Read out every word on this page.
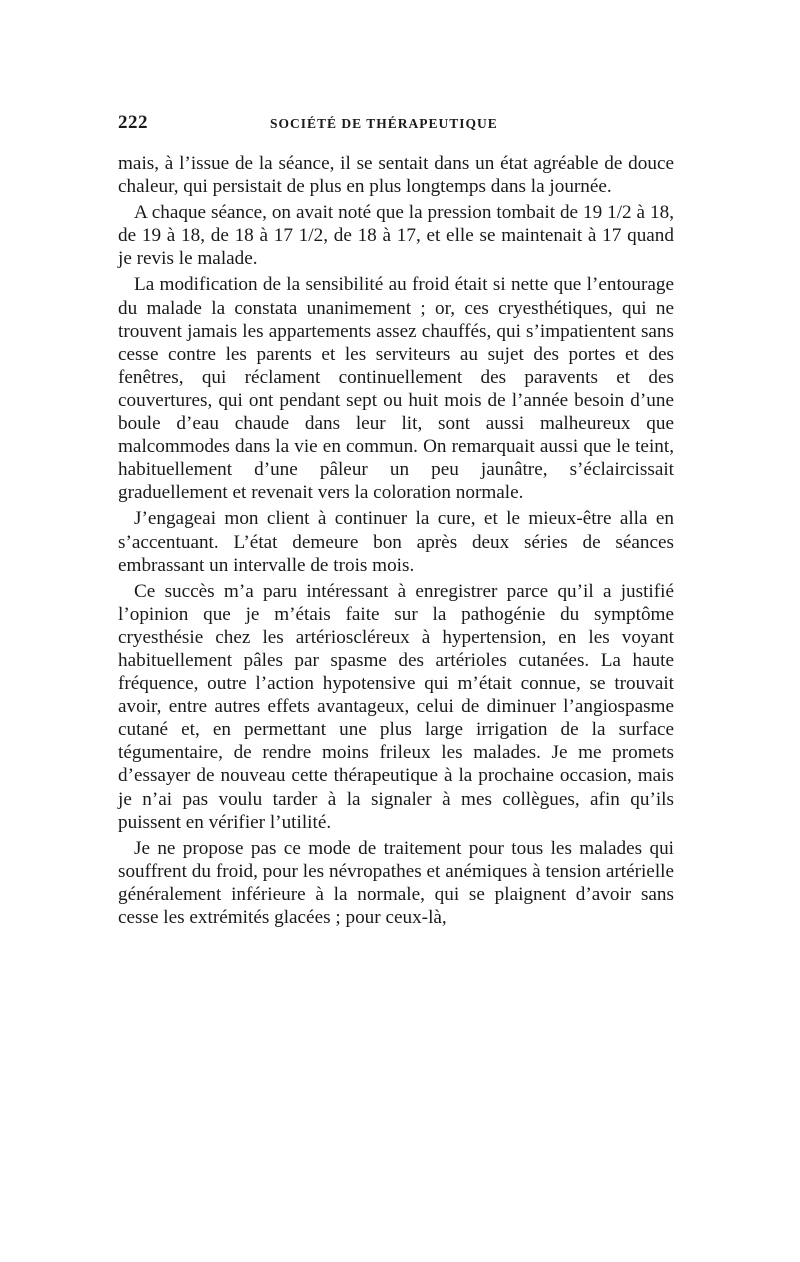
222	SOCIÉTÉ DE THÉRAPEUTIQUE

mais, à l’issue de la séance, il se sentait dans un état agréable de douce chaleur, qui persistait de plus en plus longtemps dans la journée.

A chaque séance, on avait noté que la pression tombait de 19 1/2 à 18, de 19 à 18, de 18 à 17 1/2, de 18 à 17, et elle se maintenait à 17 quand je revis le malade.

La modification de la sensibilité au froid était si nette que l’entourage du malade la constata unanimement ; or, ces cryesthétiques, qui ne trouvent jamais les appartements assez chauffés, qui s’impatientent sans cesse contre les parents et les serviteurs au sujet des portes et des fenêtres, qui réclament continuellement des paravents et des couvertures, qui ont pendant sept ou huit mois de l’année besoin d’une boule d’eau chaude dans leur lit, sont aussi malheureux que malcommodes dans la vie en commun. On remarquait aussi que le teint, habituellement d’une pâleur un peu jaunâtre, s’éclaircissait graduellement et revenait vers la coloration normale.

J’engageai mon client à continuer la cure, et le mieux-être alla en s’accentuant. L’état demeure bon après deux séries de séances embrassant un intervalle de trois mois.

Ce succès m’a paru intéressant à enregistrer parce qu’il a justifié l’opinion que je m’étais faite sur la pathogénie du symptôme cryesthésie chez les artérioscléreux à hypertension, en les voyant habituellement pâles par spasme des artérioles cutanées. La haute fréquence, outre l’action hypotensive qui m’était connue, se trouvait avoir, entre autres effets avantageux, celui de diminuer l’angiospasme cutané et, en permettant une plus large irrigation de la surface tégumentaire, de rendre moins frileux les malades. Je me promets d’essayer de nouveau cette thérapeutique à la prochaine occasion, mais je n’ai pas voulu tarder à la signaler à mes collègues, afin qu’ils puissent en vérifier l’utilité.

Je ne propose pas ce mode de traitement pour tous les malades qui souffrent du froid, pour les névropathes et anémiques à tension artérielle généralement inférieure à la normale, qui se plaignent d’avoir sans cesse les extrémités glacées ; pour ceux-là,
